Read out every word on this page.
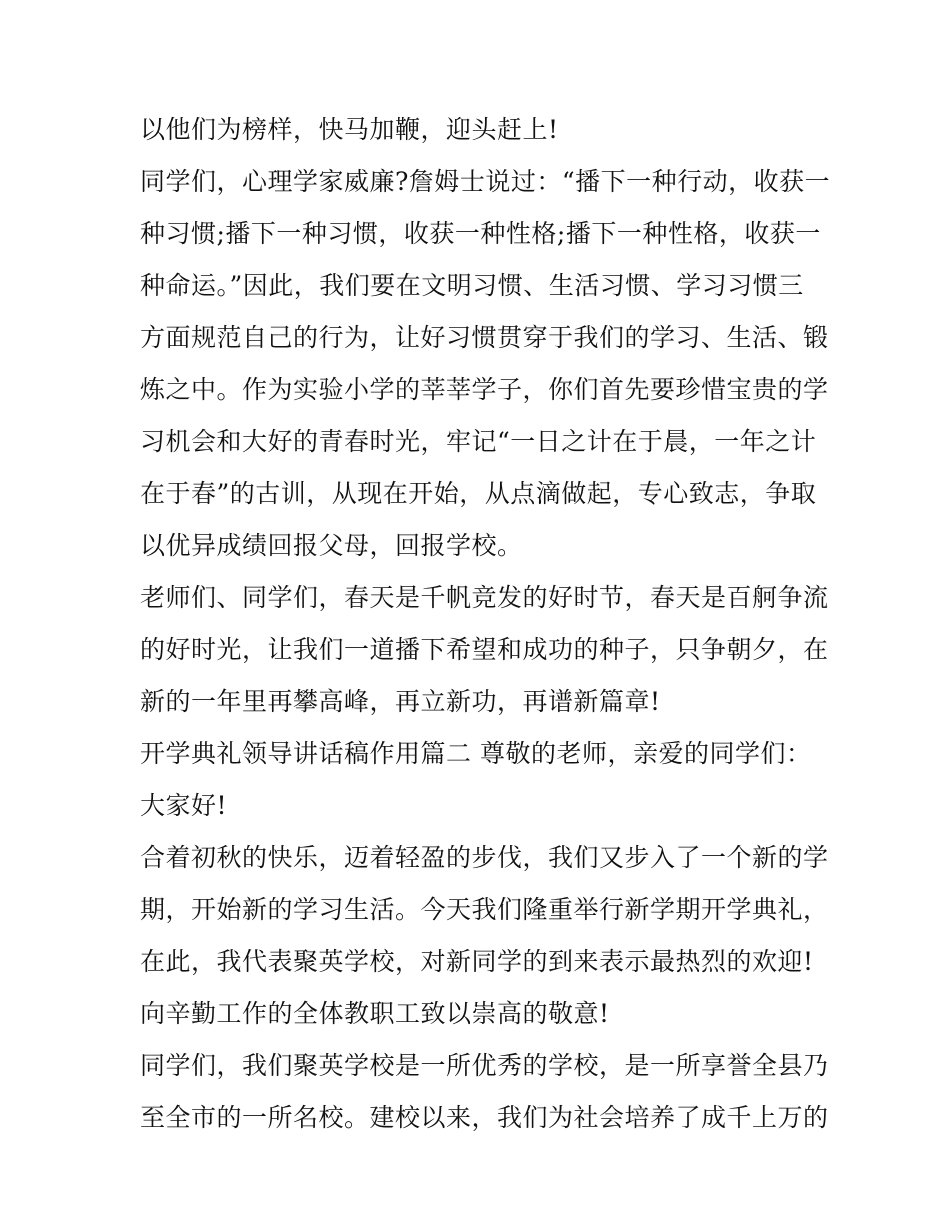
以他们为榜样，快马加鞭，迎头赶上!
同学们，心理学家威廉?詹姆士说过：“播下一种行动，收获一
种习惯;播下一种习惯，收获一种性格;播下一种性格，收获一
种命运。”因此，我们要在文明习惯、生活习惯、学习习惯三
方面规范自己的行为，让好习惯贯穿于我们的学习、生活、锻
炼之中。作为实验小学的莘莘学子，你们首先要珍惜宝贵的学
习机会和大好的青春时光，牢记“一日之计在于晨，一年之计
在于春”的古训，从现在开始，从点滴做起，专心致志，争取
以优异成绩回报父母，回报学校。
老师们、同学们，春天是千帆竞发的好时节，春天是百舸争流
的好时光，让我们一道播下希望和成功的种子，只争朝夕，在
新的一年里再攀高峰，再立新功，再谱新篇章!
开学典礼领导讲话稿作用篇二 尊敬的老师，亲爱的同学们：
大家好!
合着初秋的快乐，迈着轻盈的步伐，我们又步入了一个新的学
期，开始新的学习生活。今天我们隆重举行新学期开学典礼，
在此，我代表聚英学校，对新同学的到来表示最热烈的欢迎!
向辛勤工作的全体教职工致以崇高的敬意!
同学们，我们聚英学校是一所优秀的学校，是一所享誉全县乃
至全市的一所名校。建校以来，我们为社会培养了成千上万的
